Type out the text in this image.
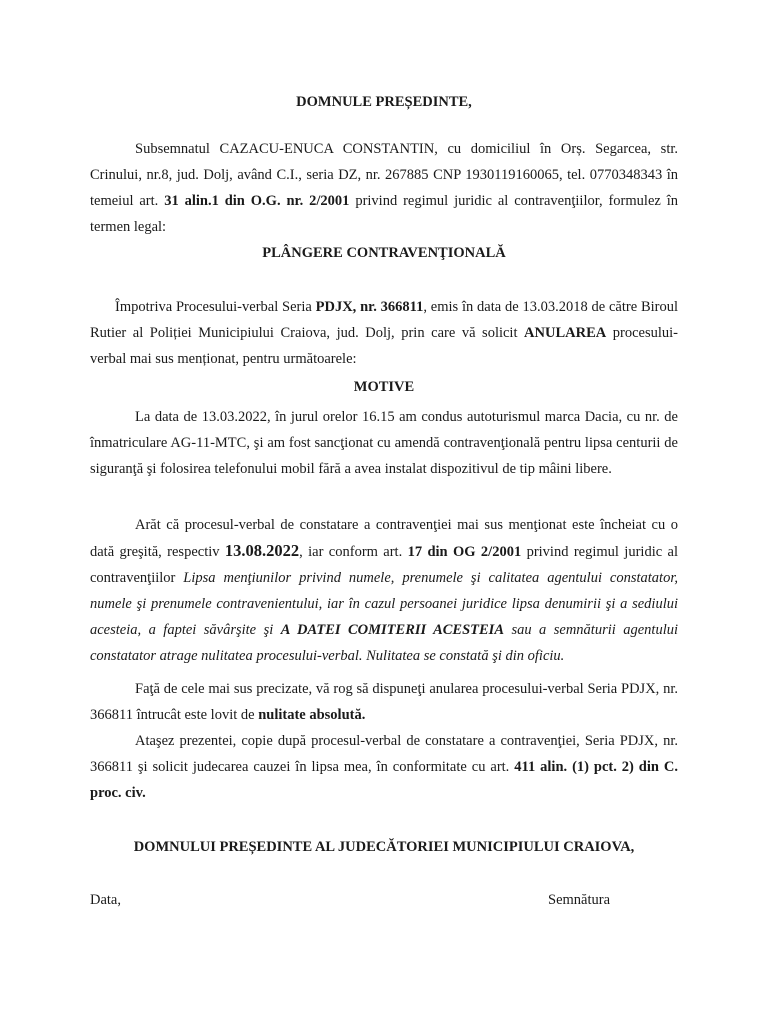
DOMNULE PREȘEDINTE,
Subsemnatul CAZACU-ENUCA CONSTANTIN, cu domiciliul în Orș. Segarcea, str. Crinului, nr.8, jud. Dolj, având C.I., seria DZ, nr. 267885 CNP 1930119160065, tel. 0770348343 în temeiul art. 31 alin.1 din O.G. nr. 2/2001 privind regimul juridic al contravenţiilor, formulez în termen legal:
PLÂNGERE CONTRAVENŢIONALĂ
Împotriva Procesului-verbal Seria PDJX, nr. 366811, emis în data de 13.03.2018 de către Biroul Rutier al Poliției Municipiului Craiova, jud. Dolj, prin care vă solicit ANULAREA procesului-verbal mai sus menționat, pentru următoarele:
MOTIVE
La data de 13.03.2022, în jurul orelor 16.15 am condus autoturismul marca Dacia, cu nr. de înmatriculare AG-11-MTC, şi am fost sancţionat cu amendă contravenţională pentru lipsa centurii de siguranţă şi folosirea telefonului mobil fără a avea instalat dispozitivul de tip mâini libere.
Arăt că procesul-verbal de constatare a contravenţiei mai sus menţionat este încheiat cu o dată greşită, respectiv 13.08.2022, iar conform art. 17 din OG 2/2001 privind regimul juridic al contravenţiilor Lipsa menţiunilor privind numele, prenumele şi calitatea agentului constatator, numele şi prenumele contravenientului, iar în cazul persoanei juridice lipsa denumirii şi a sediului acesteia, a faptei săvârşite şi A DATEI COMITERII ACESTEIA sau a semnăturii agentului constatator atrage nulitatea procesului-verbal. Nulitatea se constată şi din oficiu.
Faţă de cele mai sus precizate, vă rog să dispuneţi anularea procesului-verbal Seria PDJX, nr. 366811 întrucât este lovit de nulitate absolută.
Ataşez prezentei, copie după procesul-verbal de constatare a contravenţiei, Seria PDJX, nr. 366811 şi solicit judecarea cauzei în lipsa mea, în conformitate cu art. 411 alin. (1) pct. 2) din C. proc. civ.
DOMNULUI PREȘEDINTE AL JUDECĂTORIEI MUNICIPIULUI CRAIOVA,
Data,	Semnătura
